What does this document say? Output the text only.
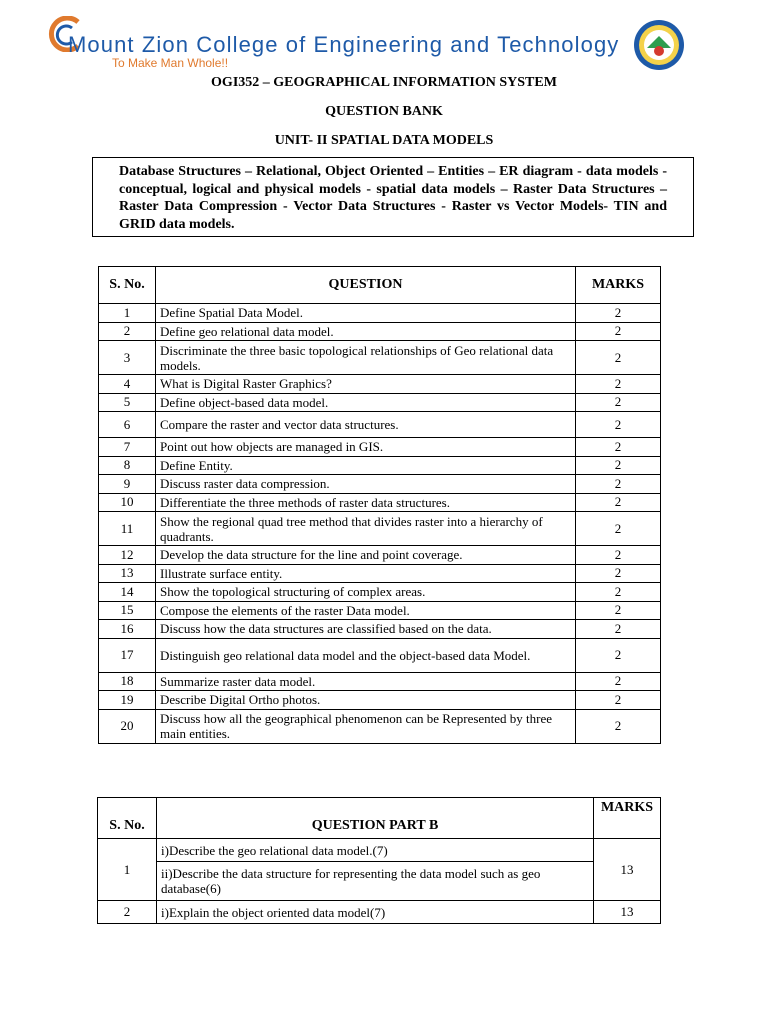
Mount Zion College of Engineering and Technology
To Make Man Whole!!
OGI352 – GEOGRAPHICAL INFORMATION SYSTEM
QUESTION BANK
UNIT- II SPATIAL DATA MODELS

Database Structures – Relational, Object Oriented – Entities – ER diagram - data models - conceptual, logical and physical models - spatial data models – Raster Data Structures – Raster Data Compression - Vector Data Structures - Raster vs Vector Models- TIN and GRID data models.

S. No.	QUESTION	MARKS
1	Define Spatial Data Model.	2
2	Define geo relational data model.	2
3	Discriminate the three basic topological relationships of Geo relational data models.	2
4	What is Digital Raster Graphics?	2
5	Define object-based data model.	2
6	Compare the raster and vector data structures.	2
7	Point out how objects are managed in GIS.	2
8	Define Entity.	2
9	Discuss raster data compression.	2
10	Differentiate the three methods of raster data structures.	2
11	Show the regional quad tree method that divides raster into a hierarchy of quadrants.	2
12	Develop the data structure for the line and point coverage.	2
13	Illustrate surface entity.	2
14	Show the topological structuring of complex areas.	2
15	Compose the elements of the raster Data model.	2
16	Discuss how the data structures are classified based on the data.	2
17	Distinguish geo relational data model and the object-based data Model.	2
18	Summarize raster data model.	2
19	Describe Digital Ortho photos.	2
20	Discuss how all the geographical phenomenon can be Represented by three main entities.	2
S. No.	QUESTION PART B	MARKS
1	i)Describe the geo relational data model.(7)	13
	ii)Describe the data structure for representing the data model such as geo database(6)	
2	i)Explain the object oriented data model(7)	13
